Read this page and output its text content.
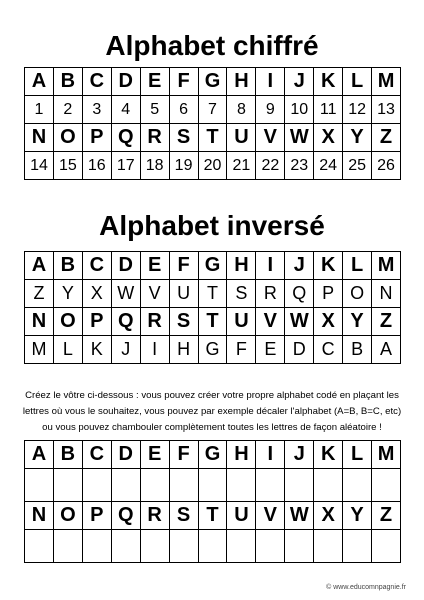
Alphabet chiffré
A	B	C	D	E	F	G	H	I	J	K	L	M
1	2	3	4	5	6	7	8	9	10	11	12	13
N	O	P	Q	R	S	T	U	V	W	X	Y	Z
14	15	16	17	18	19	20	21	22	23	24	25	26
Alphabet inversé
A	B	C	D	E	F	G	H	I	J	K	L	M
Z	Y	X	W	V	U	T	S	R	Q	P	O	N
N	O	P	Q	R	S	T	U	V	W	X	Y	Z
M	L	K	J	I	H	G	F	E	D	C	B	A

Créez le vôtre ci-dessous : vous pouvez créer votre propre alphabet codé en plaçant les lettres où vous le souhaitez, vous pouvez par exemple décaler l'alphabet (A=B, B=C, etc) ou vous pouvez chambouler complètement toutes les lettres de façon aléatoire !

A	B	C	D	E	F	G	H	I	J	K	L	M

N	O	P	Q	R	S	T	U	V	W	X	Y	Z

© www.educomnpagnie.fr
